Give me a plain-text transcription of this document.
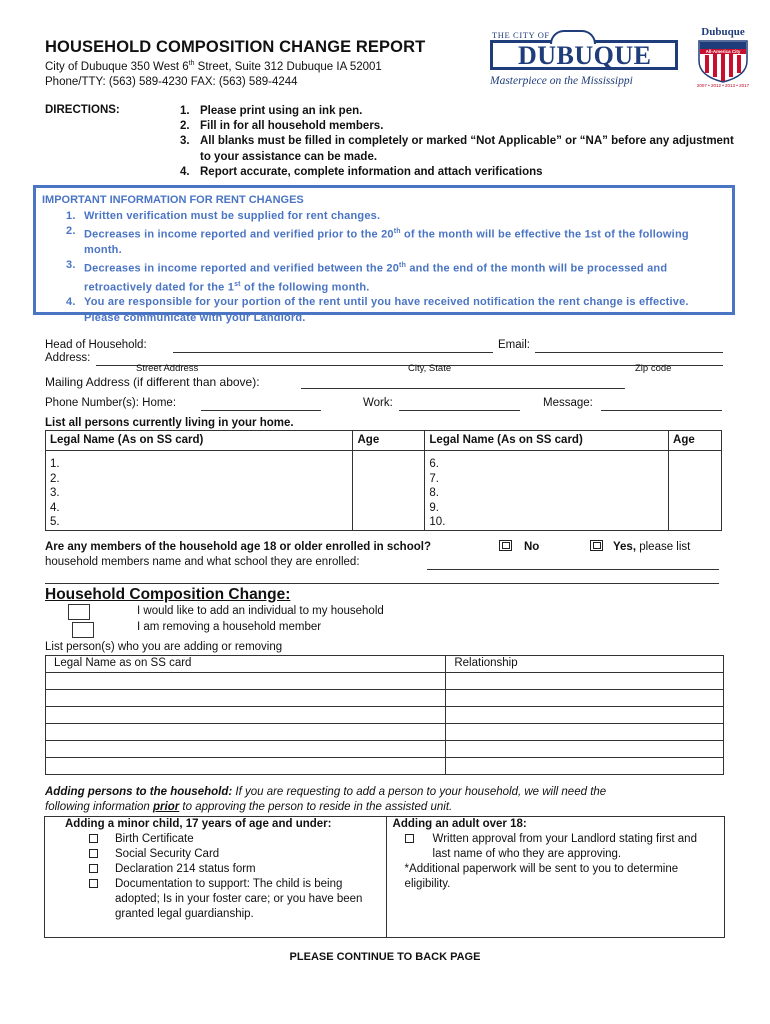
HOUSEHOLD COMPOSITION CHANGE REPORT
City of Dubuque 350 West 6th Street, Suite 312 Dubuque IA 52001
Phone/TTY: (563) 589-4230 FAX: (563) 589-4244
THE CITY OF
DUBUQUE
Masterpiece on the Mississippi
Dubuque
All-America City
2007 • 2012 • 2013 • 2017
DIRECTIONS:	1. Please print using an ink pen.
2. Fill in for all household members.
3. All blanks must be filled in completely or marked “Not Applicable” or “NA” before any adjustment to your assistance can be made.
4. Report accurate, complete information and attach verifications
IMPORTANT INFORMATION FOR RENT CHANGES
1. Written verification must be supplied for rent changes.
2. Decreases in income reported and verified prior to the 20th of the month will be effective the 1st of the following month.
3. Decreases in income reported and verified between the 20th and the end of the month will be processed and retroactively dated for the 1st of the following month.
4. You are responsible for your portion of the rent until you have received notification the rent change is effective. Please communicate with your Landlord.
Head of Household:	Email:
Address:
Street Address	City, State	Zip code
Mailing Address (if different than above):
Phone Number(s): Home:	Work:	Message:
List all persons currently living in your home.
Legal Name (As on SS card)	Age	Legal Name (As on SS card)	Age
1.		6.	
2.		7.	
3.		8.	
4.		9.	
5.		10.	
Are any members of the household age 18 or older enrolled in school?	No	Yes, please list
household members name and what school they are enrolled:
Household Composition Change:
I would like to add an individual to my household
I am removing a household member
List person(s) who you are adding or removing
Legal Name as on SS card	Relationship

Adding persons to the household: If you are requesting to add a person to your household, we will need the
following information prior to approving the person to reside in the assisted unit.
Adding a minor child, 17 years of age and under:
Birth Certificate
Social Security Card
Declaration 214 status form
Documentation to support: The child is being adopted; Is in your foster care; or you have been granted legal guardianship.

Adding an adult over 18:
Written approval from your Landlord stating first and last name of who they are approving.
*Additional paperwork will be sent to you to determine eligibility.
PLEASE CONTINUE TO BACK PAGE
